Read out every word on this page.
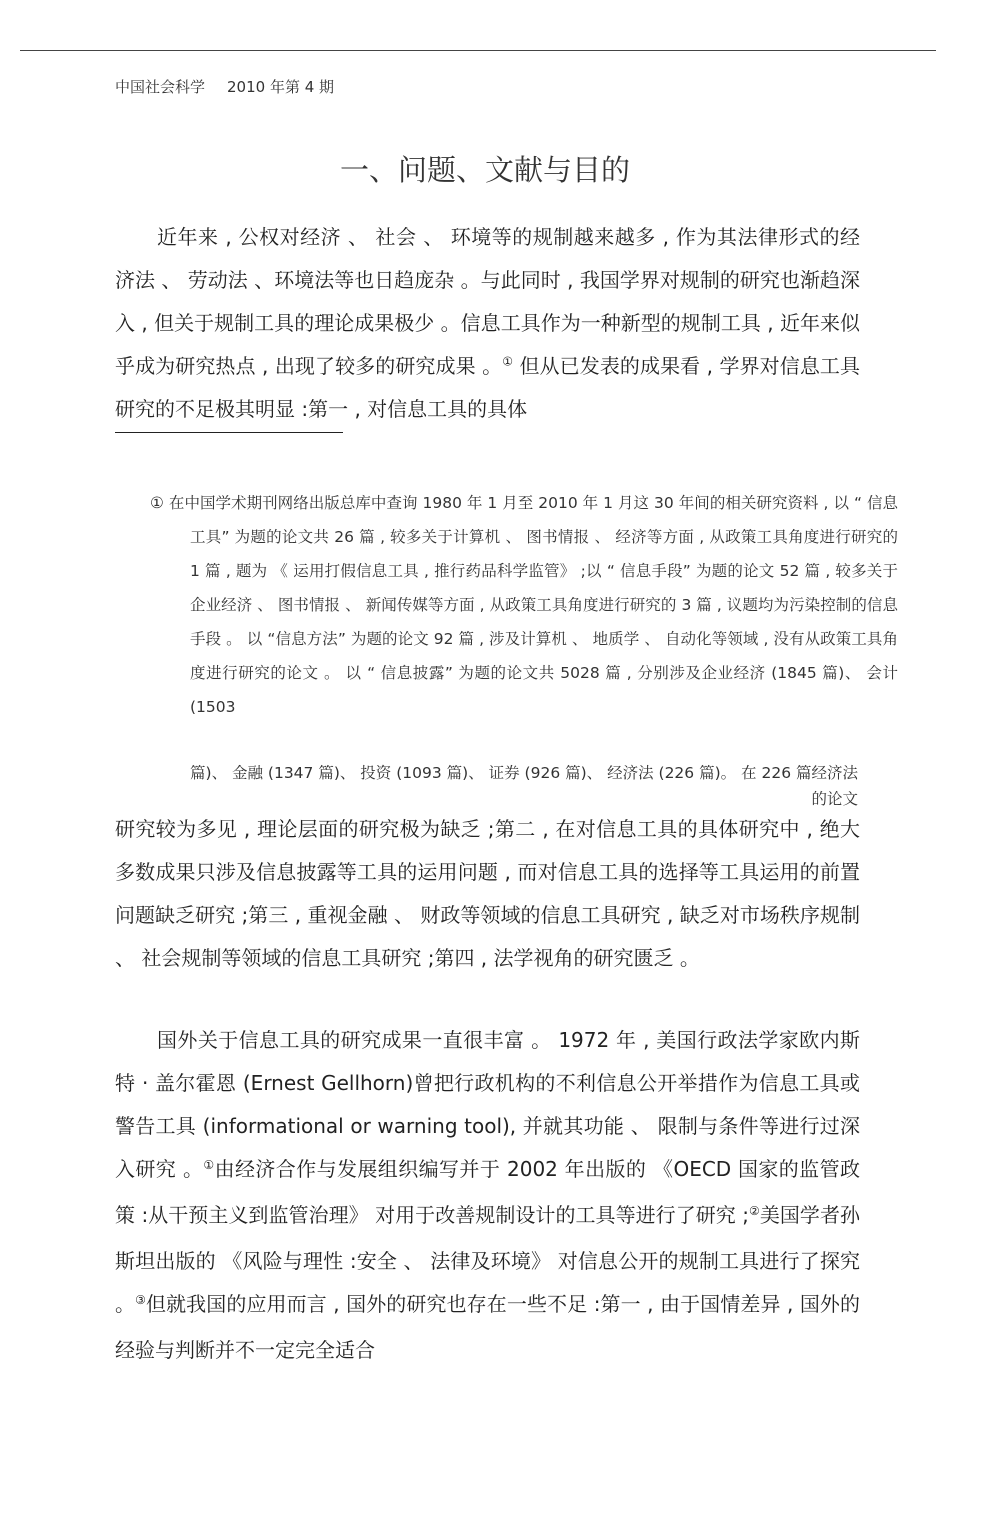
中国社会科学 2010 年第 4 期
一、问题、文献与目的

近年来 , 公权对经济 、 社会 、 环境等的规制越来越多 , 作为其法律形式的经济法 、 劳动法 、环境法等也日趋庞杂 。与此同时 , 我国学界对规制的研究也渐趋深入 , 但关于规制工具的理论成果极少 。信息工具作为一种新型的规制工具 , 近年来似乎成为研究热点 , 出现了较多的研究成果 。① 但从已发表的成果看 , 学界对信息工具研究的不足极其明显 :第一 , 对信息工具的具体

① 在中国学术期刊网络出版总库中查询 1980 年 1 月至 2010 年 1 月这 30 年间的相关研究资料 , 以 “ 信息工具” 为题的论文共 26 篇 , 较多关于计算机 、 图书情报 、 经济等方面 , 从政策工具角度进行研究的 1 篇 , 题为 《 运用打假信息工具 , 推行药品科学监管》 ;以 “ 信息手段” 为题的论文 52 篇 , 较多关于企业经济 、 图书情报 、 新闻传媒等方面 , 从政策工具角度进行研究的 3 篇 , 议题均为污染控制的信息手段 。 以 “信息方法” 为题的论文 92 篇 , 涉及计算机 、 地质学 、 自动化等领域 , 没有从政策工具角度进行研究的论文 。 以 “ 信息披露” 为题的论文共 5028 篇 , 分别涉及企业经济 (1845 篇)、 会计 (1503

篇)、 金融 (1347 篇)、 投资 (1093 篇)、 证券 (926 篇)、 经济法 (226 篇)。 在 226 篇经济法
的论文

研究较为多见 , 理论层面的研究极为缺乏 ;第二 , 在对信息工具的具体研究中 , 绝大多数成果只涉及信息披露等工具的运用问题 , 而对信息工具的选择等工具运用的前置问题缺乏研究 ;第三 , 重视金融 、 财政等领域的信息工具研究 , 缺乏对市场秩序规制 、 社会规制等领域的信息工具研究 ;第四 , 法学视角的研究匮乏 。

国外关于信息工具的研究成果一直很丰富 。 1972 年 , 美国行政法学家欧内斯特 · 盖尔霍恩 (Ernest Gellhorn)曾把行政机构的不利信息公开举措作为信息工具或警告工具 (informational or warning tool), 并就其功能 、 限制与条件等进行过深入研究 。①由经济合作与发展组织编写并于 2002 年出版的 《OECD 国家的监管政策 :从干预主义到监管治理》 对用于改善规制设计的工具等进行了研究 ;②美国学者孙斯坦出版的 《风险与理性 :安全 、 法律及环境》 对信息公开的规制工具进行了探究 。③但就我国的应用而言 , 国外的研究也存在一些不足 :第一 , 由于国情差异 , 国外的经验与判断并不一定完全适合
